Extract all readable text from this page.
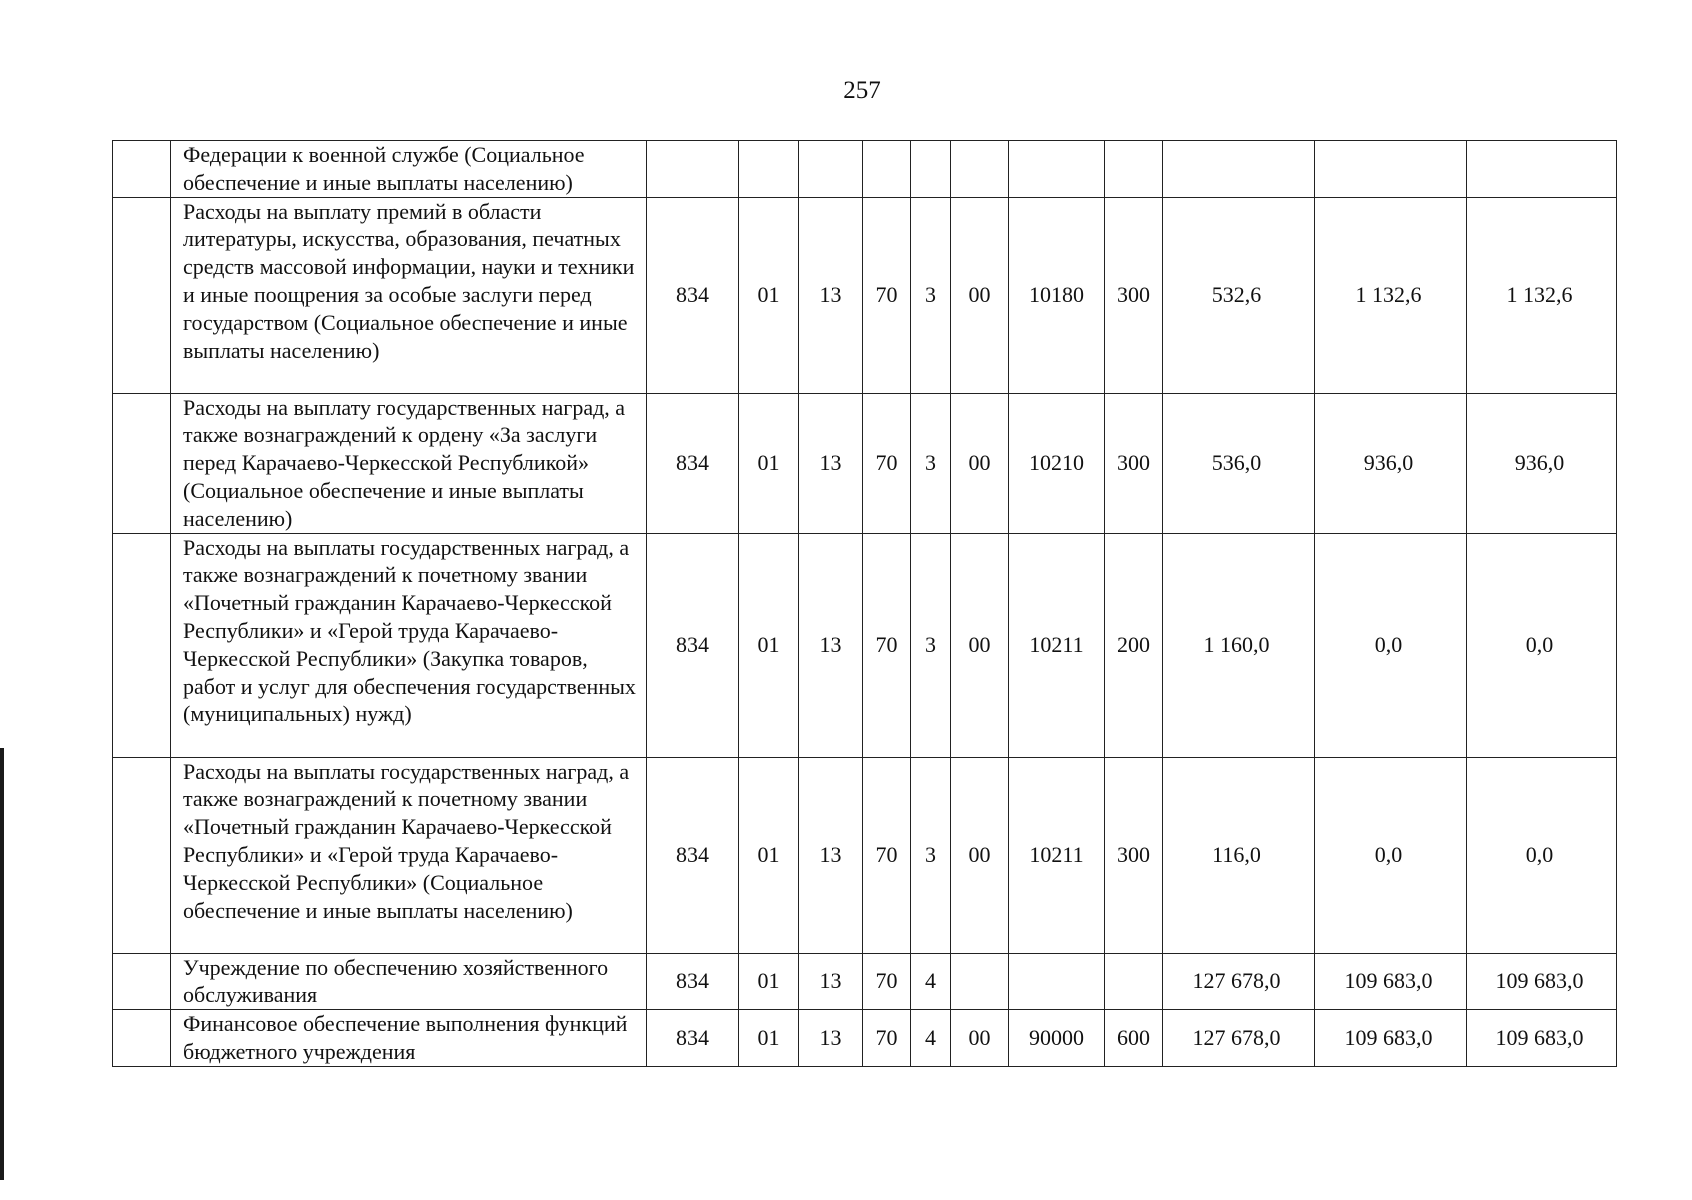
257
	Федерации к военной службе (Социальное обеспечение и иные выплаты населению)											
	Расходы на выплату премий в области литературы, искусства, образования, печатных средств массовой информации, науки и техники и иные поощрения за особые заслуги перед государством (Социальное обеспечение и иные выплаты населению)	834	01	13	70	3	00	10180	300	532,6	1 132,6	1 132,6
	Расходы на выплату государственных наград, а также вознаграждений к ордену «За заслуги перед Карачаево-Черкесской Республикой» (Социальное обеспечение и иные выплаты населению)	834	01	13	70	3	00	10210	300	536,0	936,0	936,0
	Расходы на выплаты государственных наград, а также вознаграждений к почетному звании «Почетный гражданин Карачаево-Черкесской Республики» и «Герой труда Карачаево-Черкесской Республики» (Закупка товаров, работ и услуг для обеспечения государственных (муниципальных) нужд)	834	01	13	70	3	00	10211	200	1 160,0	0,0	0,0
	Расходы на выплаты государственных наград, а также вознаграждений к почетному звании «Почетный гражданин Карачаево-Черкесской Республики» и «Герой труда Карачаево-Черкесской Республики» (Социальное обеспечение и иные выплаты населению)	834	01	13	70	3	00	10211	300	116,0	0,0	0,0
	Учреждение по обеспечению хозяйственного обслуживания	834	01	13	70	4				127 678,0	109 683,0	109 683,0
	Финансовое обеспечение выполнения функций бюджетного учреждения	834	01	13	70	4	00	90000	600	127 678,0	109 683,0	109 683,0
